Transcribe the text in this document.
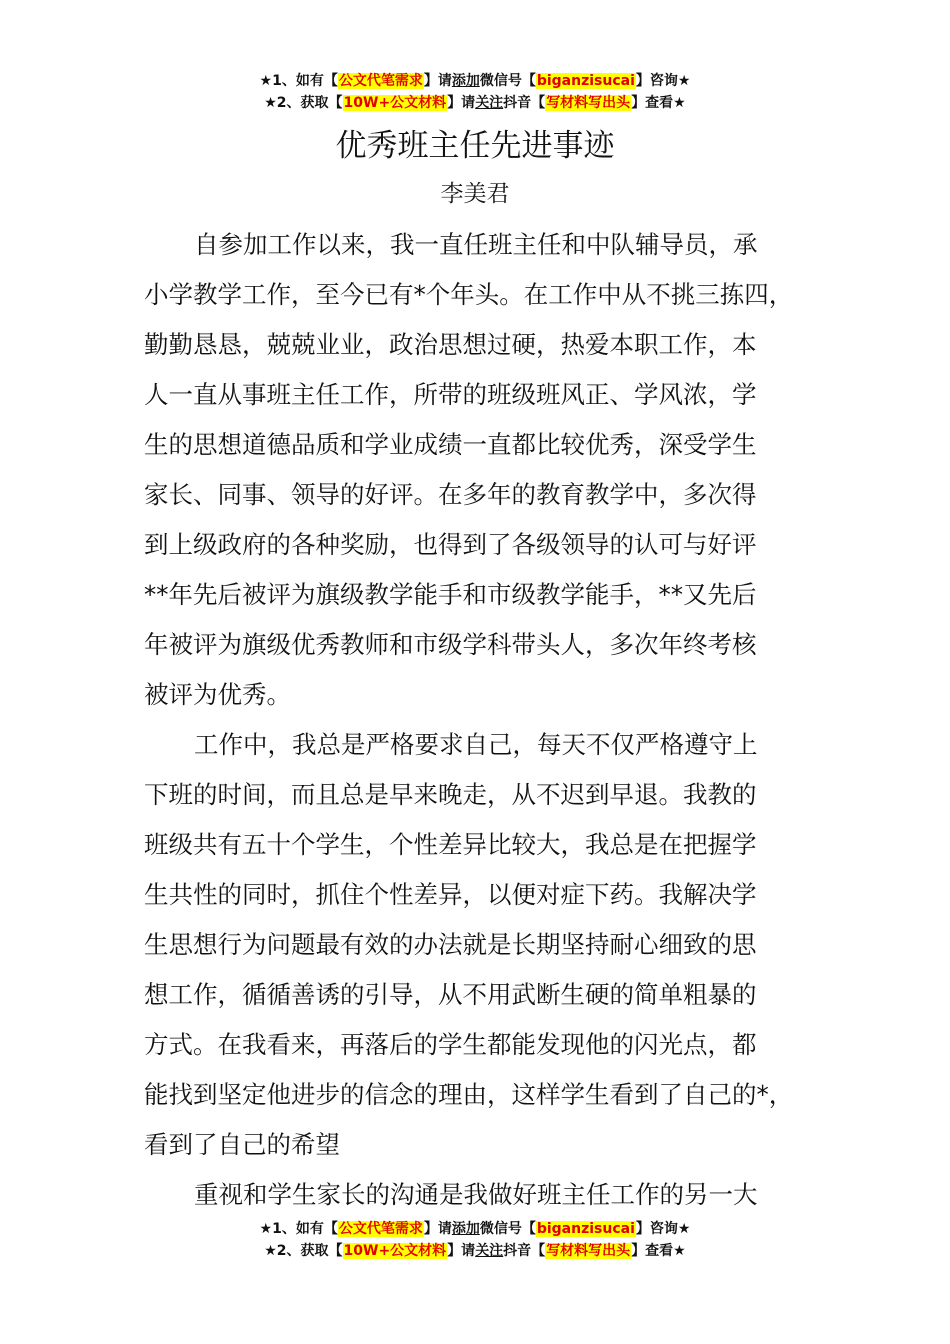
★1、如有【公文代笔需求】请添加微信号【biganzisucai】咨询★
★2、获取【10W+公文材料】请关注抖音【写材料写出头】查看★
优秀班主任先进事迹
李美君
自参加工作以来，我一直任班主任和中队辅导员，承
小学教学工作，至今已有*个年头。在工作中从不挑三拣四，
勤勤恳恳，兢兢业业，政治思想过硬，热爱本职工作，本
人一直从事班主任工作，所带的班级班风正、学风浓，学
生的思想道德品质和学业成绩一直都比较优秀，深受学生
家长、同事、领导的好评。在多年的教育教学中，多次得
到上级政府的各种奖励，也得到了各级领导的认可与好评
**年先后被评为旗级教学能手和市级教学能手，**又先后
年被评为旗级优秀教师和市级学科带头人，多次年终考核
被评为优秀。
工作中，我总是严格要求自己，每天不仅严格遵守上
下班的时间，而且总是早来晚走，从不迟到早退。我教的
班级共有五十个学生，个性差异比较大，我总是在把握学
生共性的同时，抓住个性差异，以便对症下药。我解决学
生思想行为问题最有效的办法就是长期坚持耐心细致的思
想工作，循循善诱的引导，从不用武断生硬的简单粗暴的
方式。在我看来，再落后的学生都能发现他的闪光点，都
能找到坚定他进步的信念的理由，这样学生看到了自己的*，
看到了自己的希望
重视和学生家长的沟通是我做好班主任工作的另一大
★1、如有【公文代笔需求】请添加微信号【biganzisucai】咨询★
★2、获取【10W+公文材料】请关注抖音【写材料写出头】查看★
